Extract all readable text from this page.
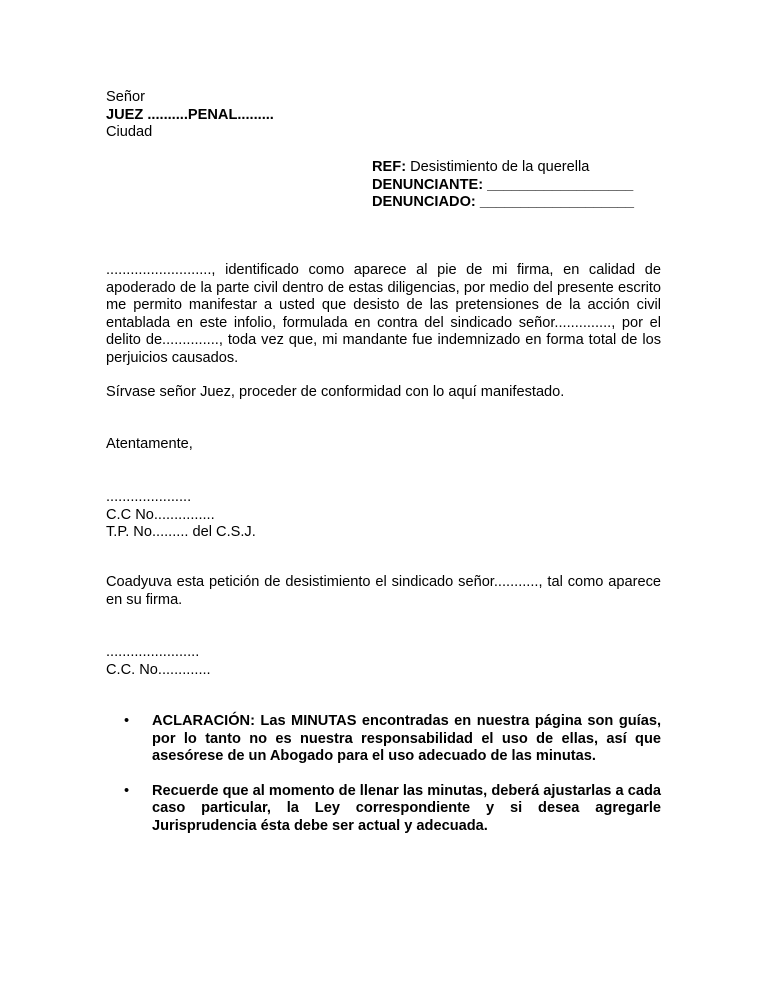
Señor
JUEZ ..........PENAL.........
Ciudad
REF: Desistimiento de la querella
DENUNCIANTE: __________________
DENUNCIADO: ___________________
.........................., identificado como aparece al pie de mi firma, en calidad de apoderado de la parte civil dentro de estas diligencias, por medio del presente escrito me permito manifestar a usted que desisto de las pretensiones de la acción civil entablada en este infolio, formulada en contra del sindicado señor.............., por el delito de.............., toda vez que, mi mandante fue indemnizado en forma total de los perjuicios causados.
Sírvase señor Juez, proceder de conformidad con lo aquí manifestado.
Atentamente,
.....................
C.C No...............
T.P. No......... del C.S.J.
Coadyuva esta petición de desistimiento el sindicado señor..........., tal como aparece en su firma.
.......................
C.C. No.............
• ACLARACIÓN: Las MINUTAS encontradas en nuestra página son guías, por lo tanto no es nuestra responsabilidad el uso de ellas, así que asesórese de un Abogado para el uso adecuado de las minutas.
• Recuerde que al momento de llenar las minutas, deberá ajustarlas a cada caso particular, la Ley correspondiente y si desea agregarle Jurisprudencia ésta debe ser actual y adecuada.
